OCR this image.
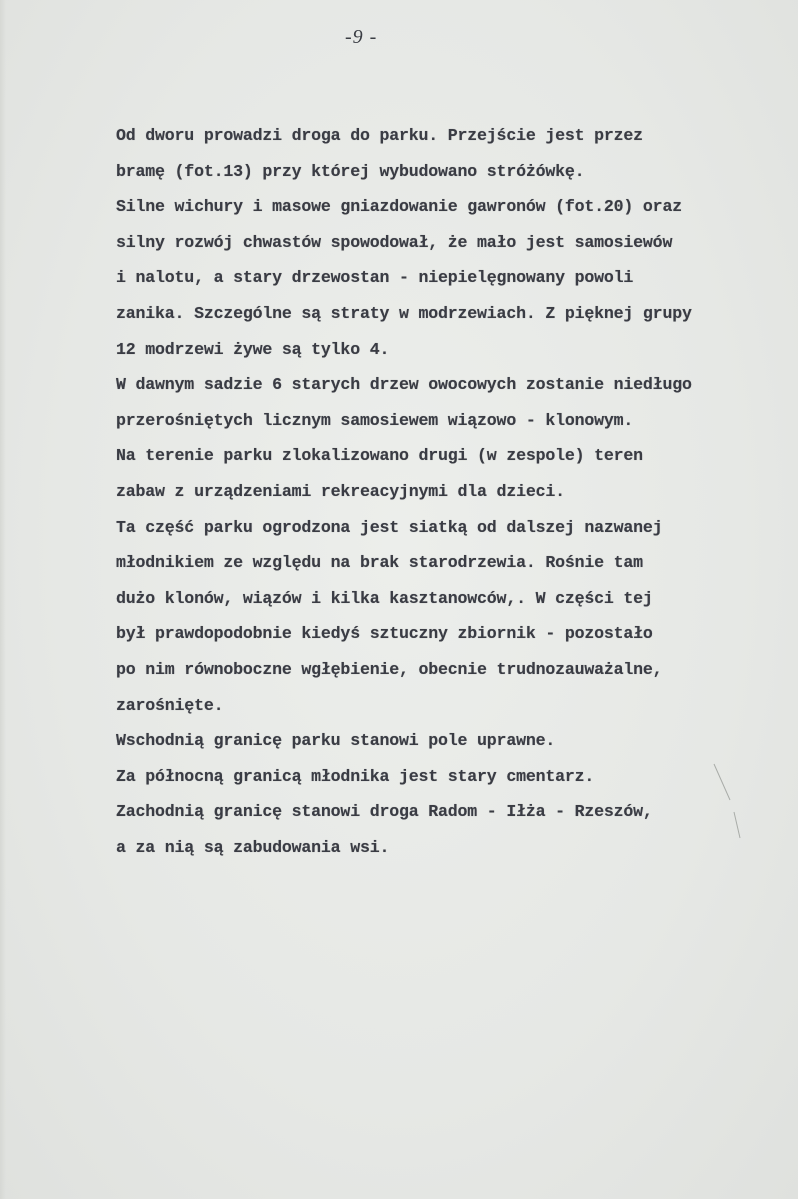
-9 -
Od dworu prowadzi droga do parku. Przejście jest przez
bramę (fot.13) przy której wybudowano stróżówkę.
Silne wichury i masowe gniazdowanie gawronów (fot.20) oraz
silny rozwój chwastów spowodował, że mało jest samosiewów
i nalotu, a stary drzewostan - niepielęgnowany powoli
zanika. Szczególne są straty w modrzewiach. Z pięknej grupy
12 modrzewi żywe są tylko 4.
W dawnym sadzie 6 starych drzew owocowych zostanie niedługo
przerośniętych licznym samosiewem wiązowo - klonowym.
Na terenie parku zlokalizowano drugi (w zespole) teren
zabaw z urządzeniami rekreacyjnymi dla dzieci.
Ta część parku ogrodzona jest siatką od dalszej nazwanej
młodnikiem ze względu na brak starodrzewia. Rośnie tam
dużo klonów, wiązów i kilka kasztanowców,. W części tej
był prawdopodobnie kiedyś sztuczny zbiornik - pozostało
po nim równoboczne wgłębienie, obecnie trudnozauważalne,
zarośnięte.
Wschodnią granicę parku stanowi pole uprawne.
Za północną granicą młodnika jest stary cmentarz.
Zachodnią granicę stanowi droga Radom - Iłża - Rzeszów,
a za nią są zabudowania wsi.
